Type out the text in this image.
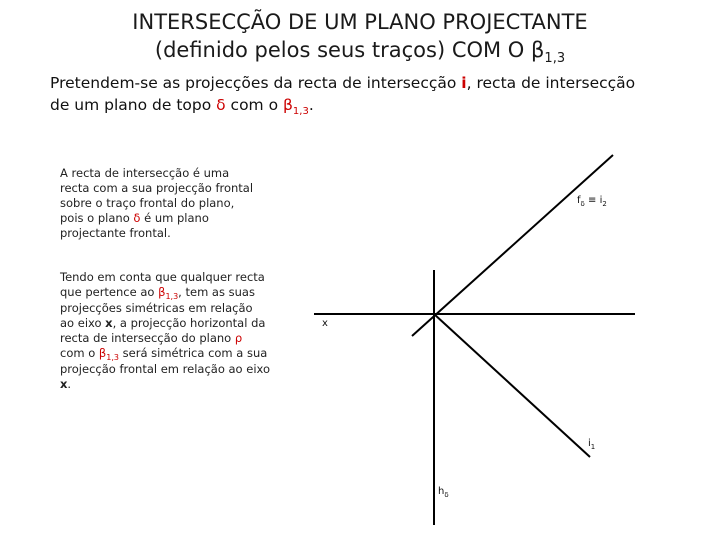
INTERSECÇÃO DE UM PLANO PROJECTANTE
(definido pelos seus traços) COM O $\beta_{1,3}$
Pretendem-se as projecções da recta de intersecção i, recta de intersecção de um plano de topo δ com o $\beta_{1,3}$.
A recta de intersecção é uma recta com a sua projecção frontal sobre o traço frontal do plano, pois o plano δ é um plano projectante frontal.
Tendo em conta que qualquer recta que pertence ao $\beta_{1,3}$, tem as suas projecções simétricas em relação ao eixo x, a projecção horizontal da recta de intersecção do plano ρ com o $\beta_{1,3}$ será simétrica com a sua projecção frontal em relação ao eixo x.
$f_\delta \equiv i_2$
x
$i_1$
$h_\delta$
